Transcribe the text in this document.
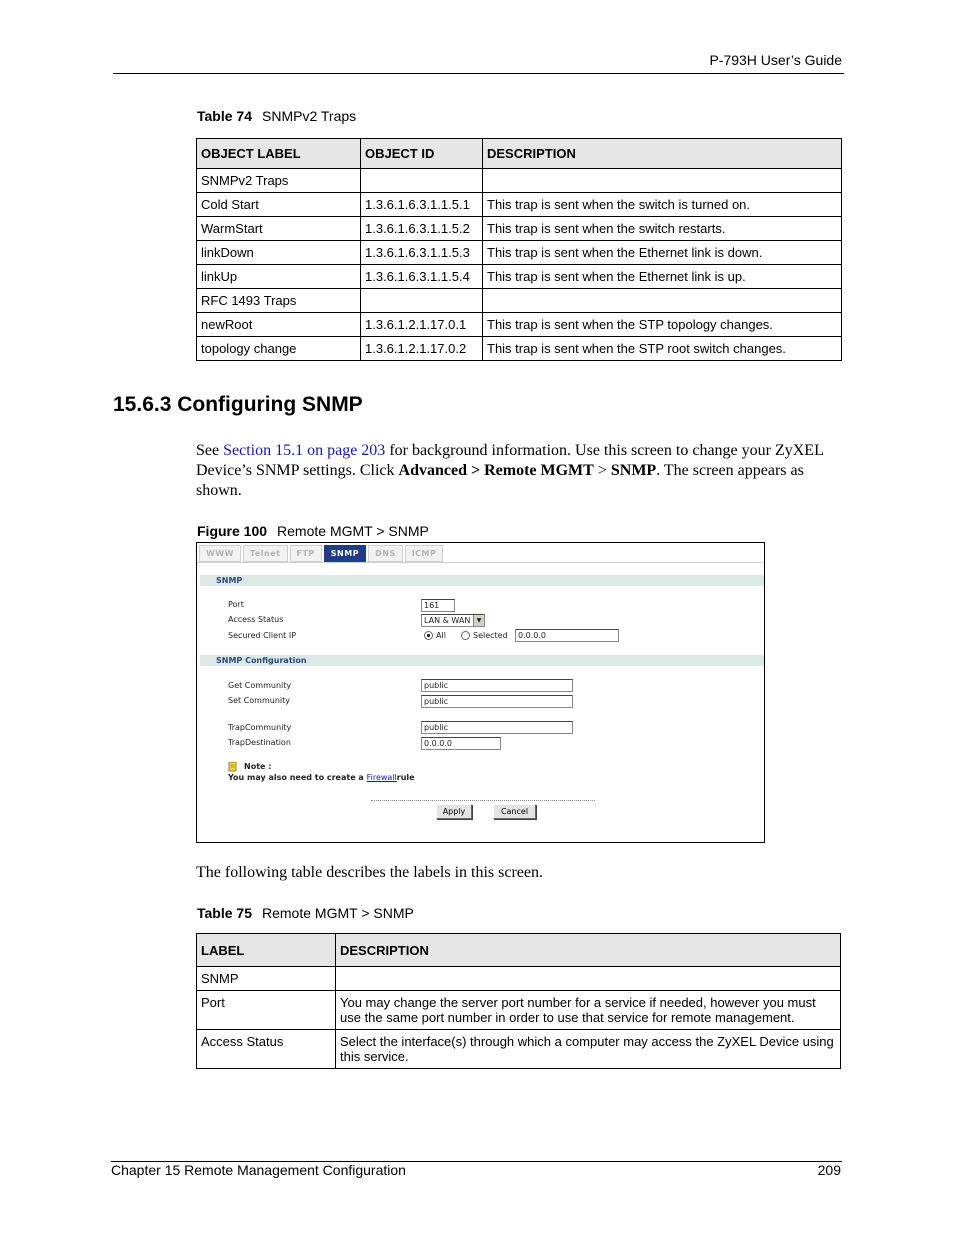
P-793H User’s Guide
Table 74 SNMPv2 Traps
OBJECT LABEL	OBJECT ID	DESCRIPTION
SNMPv2 Traps		
Cold Start	1.3.6.1.6.3.1.1.5.1	This trap is sent when the switch is turned on.
WarmStart	1.3.6.1.6.3.1.1.5.2	This trap is sent when the switch restarts.
linkDown	1.3.6.1.6.3.1.1.5.3	This trap is sent when the Ethernet link is down.
linkUp	1.3.6.1.6.3.1.1.5.4	This trap is sent when the Ethernet link is up.
RFC 1493 Traps		
newRoot	1.3.6.1.2.1.17.0.1	This trap is sent when the STP topology changes.
topology change	1.3.6.1.2.1.17.0.2	This trap is sent when the STP root switch changes.
15.6.3 Configuring SNMP
See Section 15.1 on page 203 for background information. Use this screen to change your ZyXEL Device’s SNMP settings. Click Advanced > Remote MGMT > SNMP. The screen appears as shown.
Figure 100 Remote MGMT > SNMP
WWW	Telnet	FTP	SNMP	DNS	ICMP
SNMP
Port	161
Access Status	LAN & WAN	▼
Secured Client IP	All	Selected	0.0.0.0
SNMP Configuration
Get Community	public
Set Community	public
TrapCommunity	public
TrapDestination	0.0.0.0
Note :
You may also need to create a Firewallrule
Apply	Cancel
The following table describes the labels in this screen.
Table 75 Remote MGMT > SNMP
LABEL	DESCRIPTION
SNMP	
Port	You may change the server port number for a service if needed, however you must use the same port number in order to use that service for remote management.
Access Status	Select the interface(s) through which a computer may access the ZyXEL Device using this service.
Chapter 15 Remote Management Configuration	209
